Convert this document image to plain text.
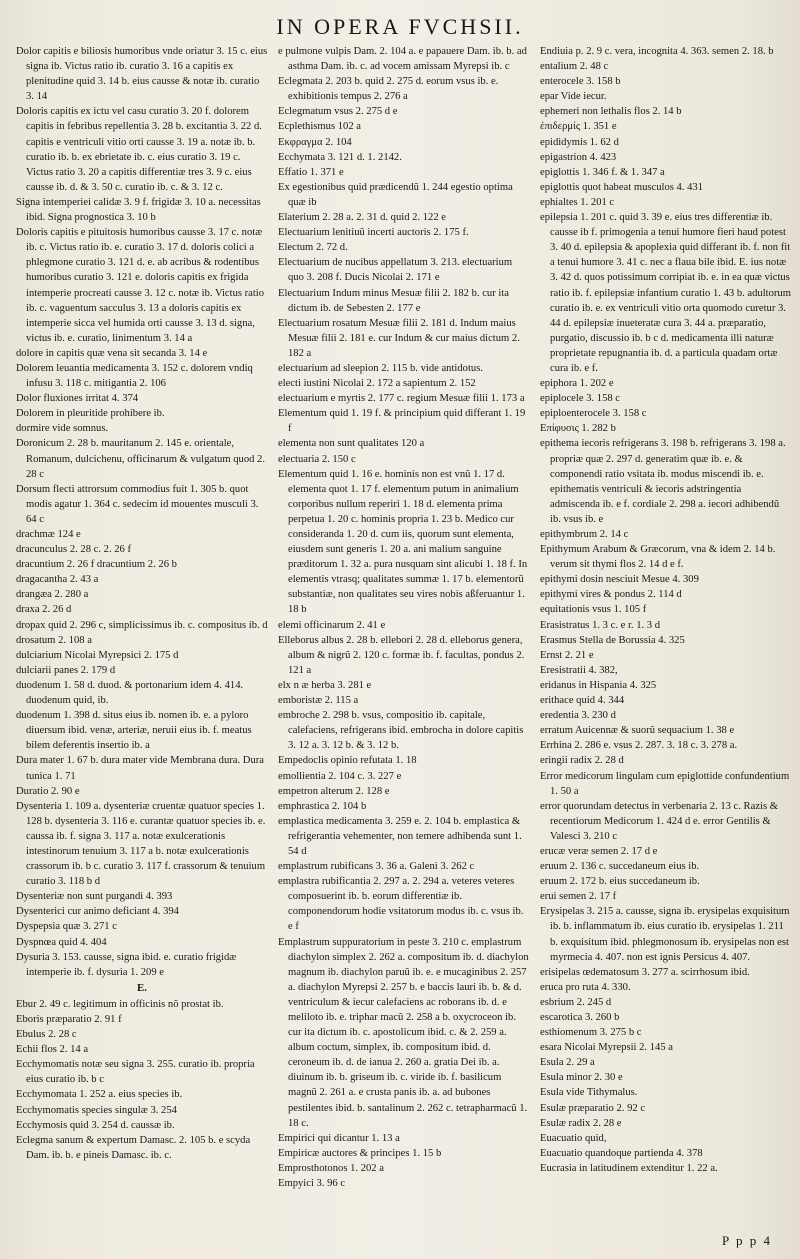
IN OPERA FVCHSII.

Dolor capitis e biliosis humoribus vnde oriatur 3. 15 c. eius signa ib. Victus ratio ib. curatio 3. 16 a capitis ex plenitudine quid 3. 14 b. eius causse & notæ ib. curatio 3. 14

Doloris capitis ex ictu vel casu curatio 3. 20 f. dolorem capitis in febribus repellentia 3. 28 b. excitantia 3. 22 d. capitis e ventriculi vitio orti causse 3. 19 a. notæ ib. b. curatio ib. b. ex ebrietate ib. c. eius curatio 3. 19 c. Victus ratio 3. 20 a capitis differentiæ tres 3. 9 c. eius causse ib. d. & 3. 50 c. curatio ib. c. & 3. 12 c.

Signa intemperiei calidæ 3. 9 f. frigidæ 3. 10 a. necessitas ibid. Signa prognostica 3. 10 b

Doloris capitis e pituitosis humoribus causse 3. 17 c. notæ ib. c. Victus ratio ib. e. curatio 3. 17 d. doloris colici a phlegmone curatio 3. 121 d. e. ab acribus & rodentibus humoribus curatio 3. 121 e. doloris capitis ex frigida intemperie procreati causse 3. 12 c. notæ ib. Victus ratio ib. c. vaguentum sacculus 3. 13 a doloris capitis ex intemperie sicca vel humida orti causse 3. 13 d. signa, victus ib. e. curatio, linimentum 3. 14 a

dolore in capitis quæ vena sit secanda 3. 14 e

Dolorem leuantia medicamenta 3. 152 c. dolorem vndiq infusu 3. 118 c. mitigantia 2. 106

Dolor fluxiones irritat 4. 374

Dolorem in pleuritide prohibere ib.

dormire vide somnus.

Doronicum 2. 28 b. mauritanum 2. 145 e. orientale, Romanum, dulcichenu, officinarum & vulgatum quod 2. 28 c

Dorsum flecti attrorsum commodius fuit 1. 305 b. quot modis agatur 1. 364 c. sedecim id mouentes musculi 3. 64 c

drachmæ 124 e

dracunculus 2. 28 c. 2. 26 f

dracuntium 2. 26 f dracuntium 2. 26 b

dragacantha 2. 43 a

drangæa 2. 280 a

draxa 2. 26 d

dropax quid 2. 296 c, simplicissimus ib. c. compositus ib. d

drosatum 2. 108 a

dulciarium Nicolai Myrepsici 2. 175 d

dulciarii panes 2. 179 d

duodenum 1. 58 d. duod. & portonarium idem 4. 414. duodenum quid, ib.

duodenum 1. 398 d. situs eius ib. nomen ib. e. a pyloro diuersum ibid. venæ, arteriæ, neruii eius ib. f. meatus bilem deferentis insertio ib. a

Dura mater 1. 67 b. dura mater vide Membrana dura. Dura tunica 1. 71

Duratio 2. 90 e

Dysenteria 1. 109 a. dysenteriæ cruentæ quatuor species 1. 128 b. dysenteria 3. 116 e. curantæ quatuor species ib. e. caussa ib. f. signa 3. 117 a. notæ exulcerationis intestinorum tenuium 3. 117 a b. notæ exulcerationis crassorum ib. b c. curatio 3. 117 f. crassorum & tenuium curatio 3. 118 b d

Dysenteriæ non sunt purgandi 4. 393

Dysenterici cur animo deficiant 4. 394

Dyspepsia quæ 3. 271 c

Dyspnœa quid 4. 404

Dysuria 3. 153. causse, signa ibid. e. curatio frigidæ intemperie ib. f. dysuria 1. 209 e

E.

Ebur 2. 49 c. legitimum in officinis nõ prostat ib.

Eboris præparatio 2. 91 f

Ebulus 2. 28 c

Echii flos 2. 14 a

Ecchymomatis notæ seu signa 3. 255. curatio ib. propria eius curatio ib. b c

Ecchymomata 1. 252 a. eius species ib.

Ecchymomatis species singulæ 3. 254

Ecchymosis quid 3. 254 d. caussæ ib.

Eclegma sanum & expertum Damasc. 2. 105 b. e scyda Dam. ib. b. e pineis Damasc. ib. c.

e pulmone vulpis Dam. 2. 104 a. e papauere Dam. ib. b. ad asthma Dam. ib. c. ad vocem amissam Myrepsi ib. c

Eclegmata 2. 203 b. quid 2. 275 d. eorum vsus ib. e. exhibitionis tempus 2. 276 a

Eclegmatum vsus 2. 275 d e

Ecplethismus 102 a

Εκφραγμα 2. 104

Ecchymata 3. 121 d. 1. 2142.

Effatio 1. 371 e

Ex egestionibus quid prædicendũ 1. 244 egestio optima quæ ib

Elaterium 2. 28 a. 2. 31 d. quid 2. 122 e

Electuarium lenitiuũ incerti auctoris 2. 175 f.

Electum 2. 72 d.

Electuarium de nucibus appellatum 3. 213. electuarium quo 3. 208 f. Ducis Nicolai 2. 171 e

Electuarium Indum minus Mesuæ filii 2. 182 b. cur ita dictum ib. de Sebesten 2. 177 e

Electuarium rosatum Mesuæ filii 2. 181 d. Indum maius Mesuæ filii 2. 181 e. cur Indum & cur maius dictum 2. 182 a

electuarium ad sleepion 2. 115 b. vide antidotus.

electi iustini Nicolai 2. 172 a sapientum 2. 152

electuarium e myrtis 2. 177 c. regium Mesuæ filii 1. 173 a

Elementum quid 1. 19 f. & principium quid differant 1. 19 f

elementa non sunt qualitates 120 a

electuaria 2. 150 c

Elementum quid 1. 16 e. hominis non est vnũ 1. 17 d. elementa quot 1. 17 f. elementum putum in animalium corporibus nullum reperiri 1. 18 d. elementa prima perpetua 1. 20 c. hominis propria 1. 23 b. Medico cur consideranda 1. 20 d. cum iis, quorum sunt elementa, eiusdem sunt generis 1. 20 a. ani malium sanguine præditorum 1. 32 a. pura nusquam sint alicubi 1. 18 f. In elementis vtrasq; qualitates summæ 1. 17 b. elementorũ substantiæ, non qualitates seu vires nobis aßferuantur 1. 18 b

elemi officinarum 2. 41 e

Elleborus albus 2. 28 b. ellebori 2. 28 d. elleborus genera, album & nigrũ 2. 120 c. formæ ib. f. facultas, pondus 2. 121 a

elx n æ herba 3. 281 e

emboristæ 2. 115 a

embroche 2. 298 b. vsus, compositio ib. capitale, calefaciens, refrigerans ibid. embrocha in dolore capitis 3. 12 a. 3. 12 b. & 3. 12 b.

Empedoclis opinio refutata 1. 18

emollientia 2. 104 c. 3. 227 e

empetron alterum 2. 128 e

emphrastica 2. 104 b

emplastica medicamenta 3. 259 e. 2. 104 b. emplastica & refrigerantia vehementer, non temere adhibenda sunt 1. 54 d

emplastrum rubificans 3. 36 a. Galeni 3. 262 c

emplastra rubificantia 2. 297 a. 2. 294 a. veteres veteres composuerint ib. b. eorum differentiæ ib. componendorum hodie vsitatorum modus ib. c. vsus ib. e f

Emplastrum suppuratorium in peste 3. 210 c. emplastrum diachylon simplex 2. 262 a. compositum ib. d. diachylon magnum ib. diachylon paruũ ib. e. e mucaginibus 2. 257 a. diachylon Myrepsi 2. 257 b. e baccis lauri ib. b. & d. ventriculum & iecur calefaciens ac roborans ib. d. e melilotо ib. e. triphar macũ 2. 258 a b. oxycroceon ib. cur ita dictum ib. c. apostolicum ibid. c. & 2. 259 a. album coctum, simplex, ib. compositum ibid. d. ceroneum ib. d. de ianua 2. 260 a. gratia Dei ib. a. diuinum ib. b. griseum ib. c. viride ib. f. basilicum magnũ 2. 261 a. e crusta panis ib. a. ad bubones pestilentes ibid. b. santalinum 2. 262 c. tetrapharmacũ 1. 18 c.

Empirici qui dicantur 1. 13 a

Empiricæ auctores & principes 1. 15 b

Emprosthotonos 1. 202 a

Empyici 3. 96 c

Endiuia p. 2. 9 c. vera, incognita 4. 363. semen 2. 18. b

entalium 2. 48 c

enterocele 3. 158 b

epar Vide iecur.

ephemeri non lethalis flos 2. 14 b

ἐπιδερμίς 1. 351 e

epididymis 1. 62 d

epigastrion 4. 423

epiglottis 1. 346 f. & 1. 347 a

epiglottis quot habeat musculos 4. 431

ephialtes 1. 201 c

epilepsia 1. 201 c. quid 3. 39 e. eius tres differentiæ ib. causse ib f. primogenia a tenui humore fieri haud potest 3. 40 d. epilepsia & apoplexia quid differant ib. f. non fit a tenui humore 3. 41 c. nec a flaua bile ibid. E. ius notæ 3. 42 d. quos potissimum corripiat ib. e. in ea quæ victus ratio ib. f. epilepsiæ infantium curatio 1. 43 b. adultorum curatio ib. e. ex ventriculi vitio orta quomodo curetur 3. 44 d. epilepsiæ inueteratæ cura 3. 44 a. præparatio, purgatio, discussio ib. b c d. medicamenta illi naturæ proprietate repugnantia ib. d. a particula quadam ortæ cura ib. e f.

epiphora 1. 202 e

epiplocele 3. 158 c

epiploenterocele 3. 158 c

Επίφυσις 1. 282 b

epithema iecoris refrigerans 3. 198 b. refrigerans 3. 198 a. propriæ quæ 2. 297 d. generatim quæ ib. e. & componendi ratio vsitata ib. modus miscendi ib. e. epithematis ventriculi & iecoris adstringentia admiscenda ib. e f. cordiale 2. 298 a. iecori adhibendũ ib. vsus ib. e

epithymbrum 2. 14 c

Epithymum Arabum & Græcorum, vna & idem 2. 14 b. verum sit thymi flos 2. 14 d e f.

epithymi dosin nesciuit Mesue 4. 309

epithymi vires & pondus 2. 114 d

equitationis vsus 1. 105 f

Erasistratus 1. 3 c. e r. 1. 3 d

Erasmus Stella de Borussia 4. 325

Ernst 2. 21 e

Eresistratii 4. 382,

eridanus in Hispania 4. 325

erithace quid 4. 344

eredentia 3. 230 d

erratum Auicennæ & suorũ sequacium 1. 38 e

Errhina 2. 286 e. vsus 2. 287. 3. 18 c. 3. 278 a.

eringii radix 2. 28 d

Error medicorum lingulam cum epiglottide confundentium 1. 50 a

error quorundam detectus in verbenaria 2. 13 c. Razis & recentiorum Medicorum 1. 424 d e. error Gentilis & Valesci 3. 210 c

erucæ veræ semen 2. 17 d e

eruum 2. 136 c. succedaneum eius ib.

eruum 2. 172 b. eius succedaneum ib.

erui semen 2. 17 f

Erysipelas 3. 215 a. causse, signa ib. erysipelas exquisitum ib. b. inflammatum ib. eius curatio ib. erysipelas 1. 211 b. exquisitum ibid. phlegmonosum ib. erysipelas non est myrmecia 4. 407. non est ignis Persicus 4. 407.

erisipelas œdematosum 3. 277 a. scirrhosum ibid.

eruca pro ruta 4. 330.

esbrium 2. 245 d

escarotica 3. 260 b

esthiomenum 3. 275 b c

esara Nicolai Myrepsii 2. 145 a

Esula 2. 29 a

Esula minor 2. 30 e

Esula vide Tithymalus.

Esulæ præparatio 2. 92 c

Esulæ radix 2. 28 e

Euacuatio quid,

Euacuatio quandoque partienda 4. 378

Eucrasia in latitudinem extenditur 1. 22 a.

P p p 4
